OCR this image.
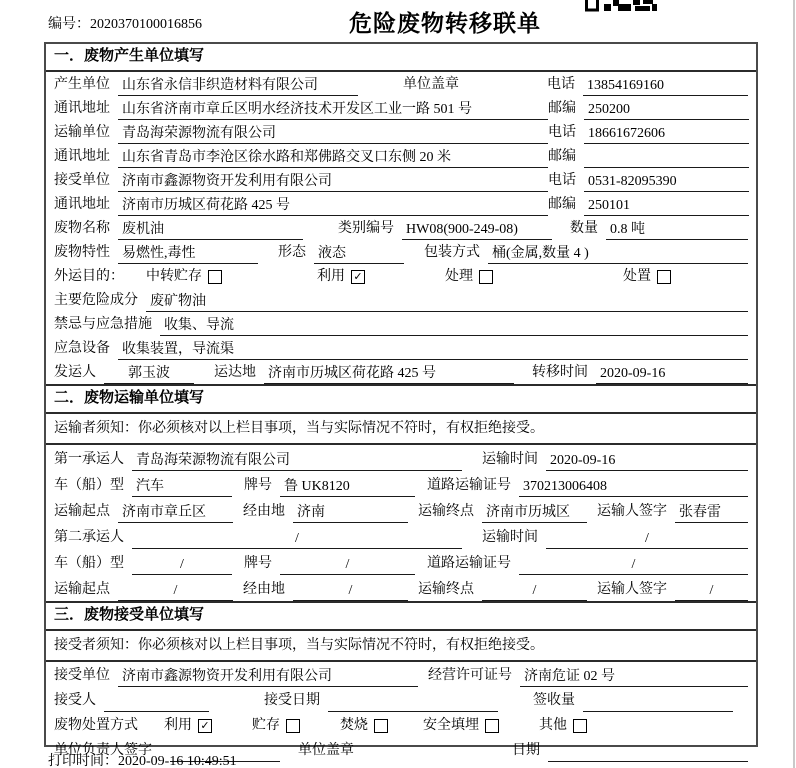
编号：2020370100016856	危险废物转移联单
一．废物产生单位填写
产生单位 山东省永信非织造材料有限公司	单位盖章	电话 13854169160
通讯地址 山东省济南市章丘区明水经济技术开发区工业一路 501 号	邮编 250200
运输单位 青岛海荣源物流有限公司	电话 18661672606
通讯地址 山东省青岛市李沧区徐水路和郑佛路交叉口东侧 20 米	邮编
接受单位 济南市鑫源物资开发利用有限公司	电话 0531-82095390
通讯地址 济南市历城区荷花路 425 号	邮编 250101
废物名称 废机油	类别编号 HW08(900-249-08)	数量 0.8 吨
废物特性 易燃性,毒性	形态 液态	包装方式 桶(金属,数量 4 )
外运目的： 中转贮存	利用 ✓	处理	处置
主要危险成分 废矿物油
禁忌与应急措施 收集、导流
应急设备 收集装置，导流渠
发运人	郭玉波	运达地 济南市历城区荷花路 425 号	转移时间 2020-09-16
二．废物运输单位填写
运输者须知：你必须核对以上栏目事项，当与实际情况不符时，有权拒绝接受。
第一承运人 青岛海荣源物流有限公司	运输时间 2020-09-16
车（船）型 汽车	牌号 鲁 UK8120	道路运输证号 370213006408
运输起点 济南市章丘区	经由地 济南	运输终点 济南市历城区	运输人签字 张春雷
第二承运人	/	运输时间	/
车（船）型	/	牌号	/	道路运输证号	/
运输起点	/	经由地	/	运输终点	/	运输人签字	/
三．废物接受单位填写
接受者须知：你必须核对以上栏目事项，当与实际情况不符时，有权拒绝接受。
接受单位 济南市鑫源物资开发利用有限公司	经营许可证号 济南危证 02 号
接受人	接受日期	签收量
废物处置方式 利用 ✓	贮存	焚烧	安全填埋	其他
单位负责人签字	单位盖章	日期
打印时间：2020-09-16 10:49:51
